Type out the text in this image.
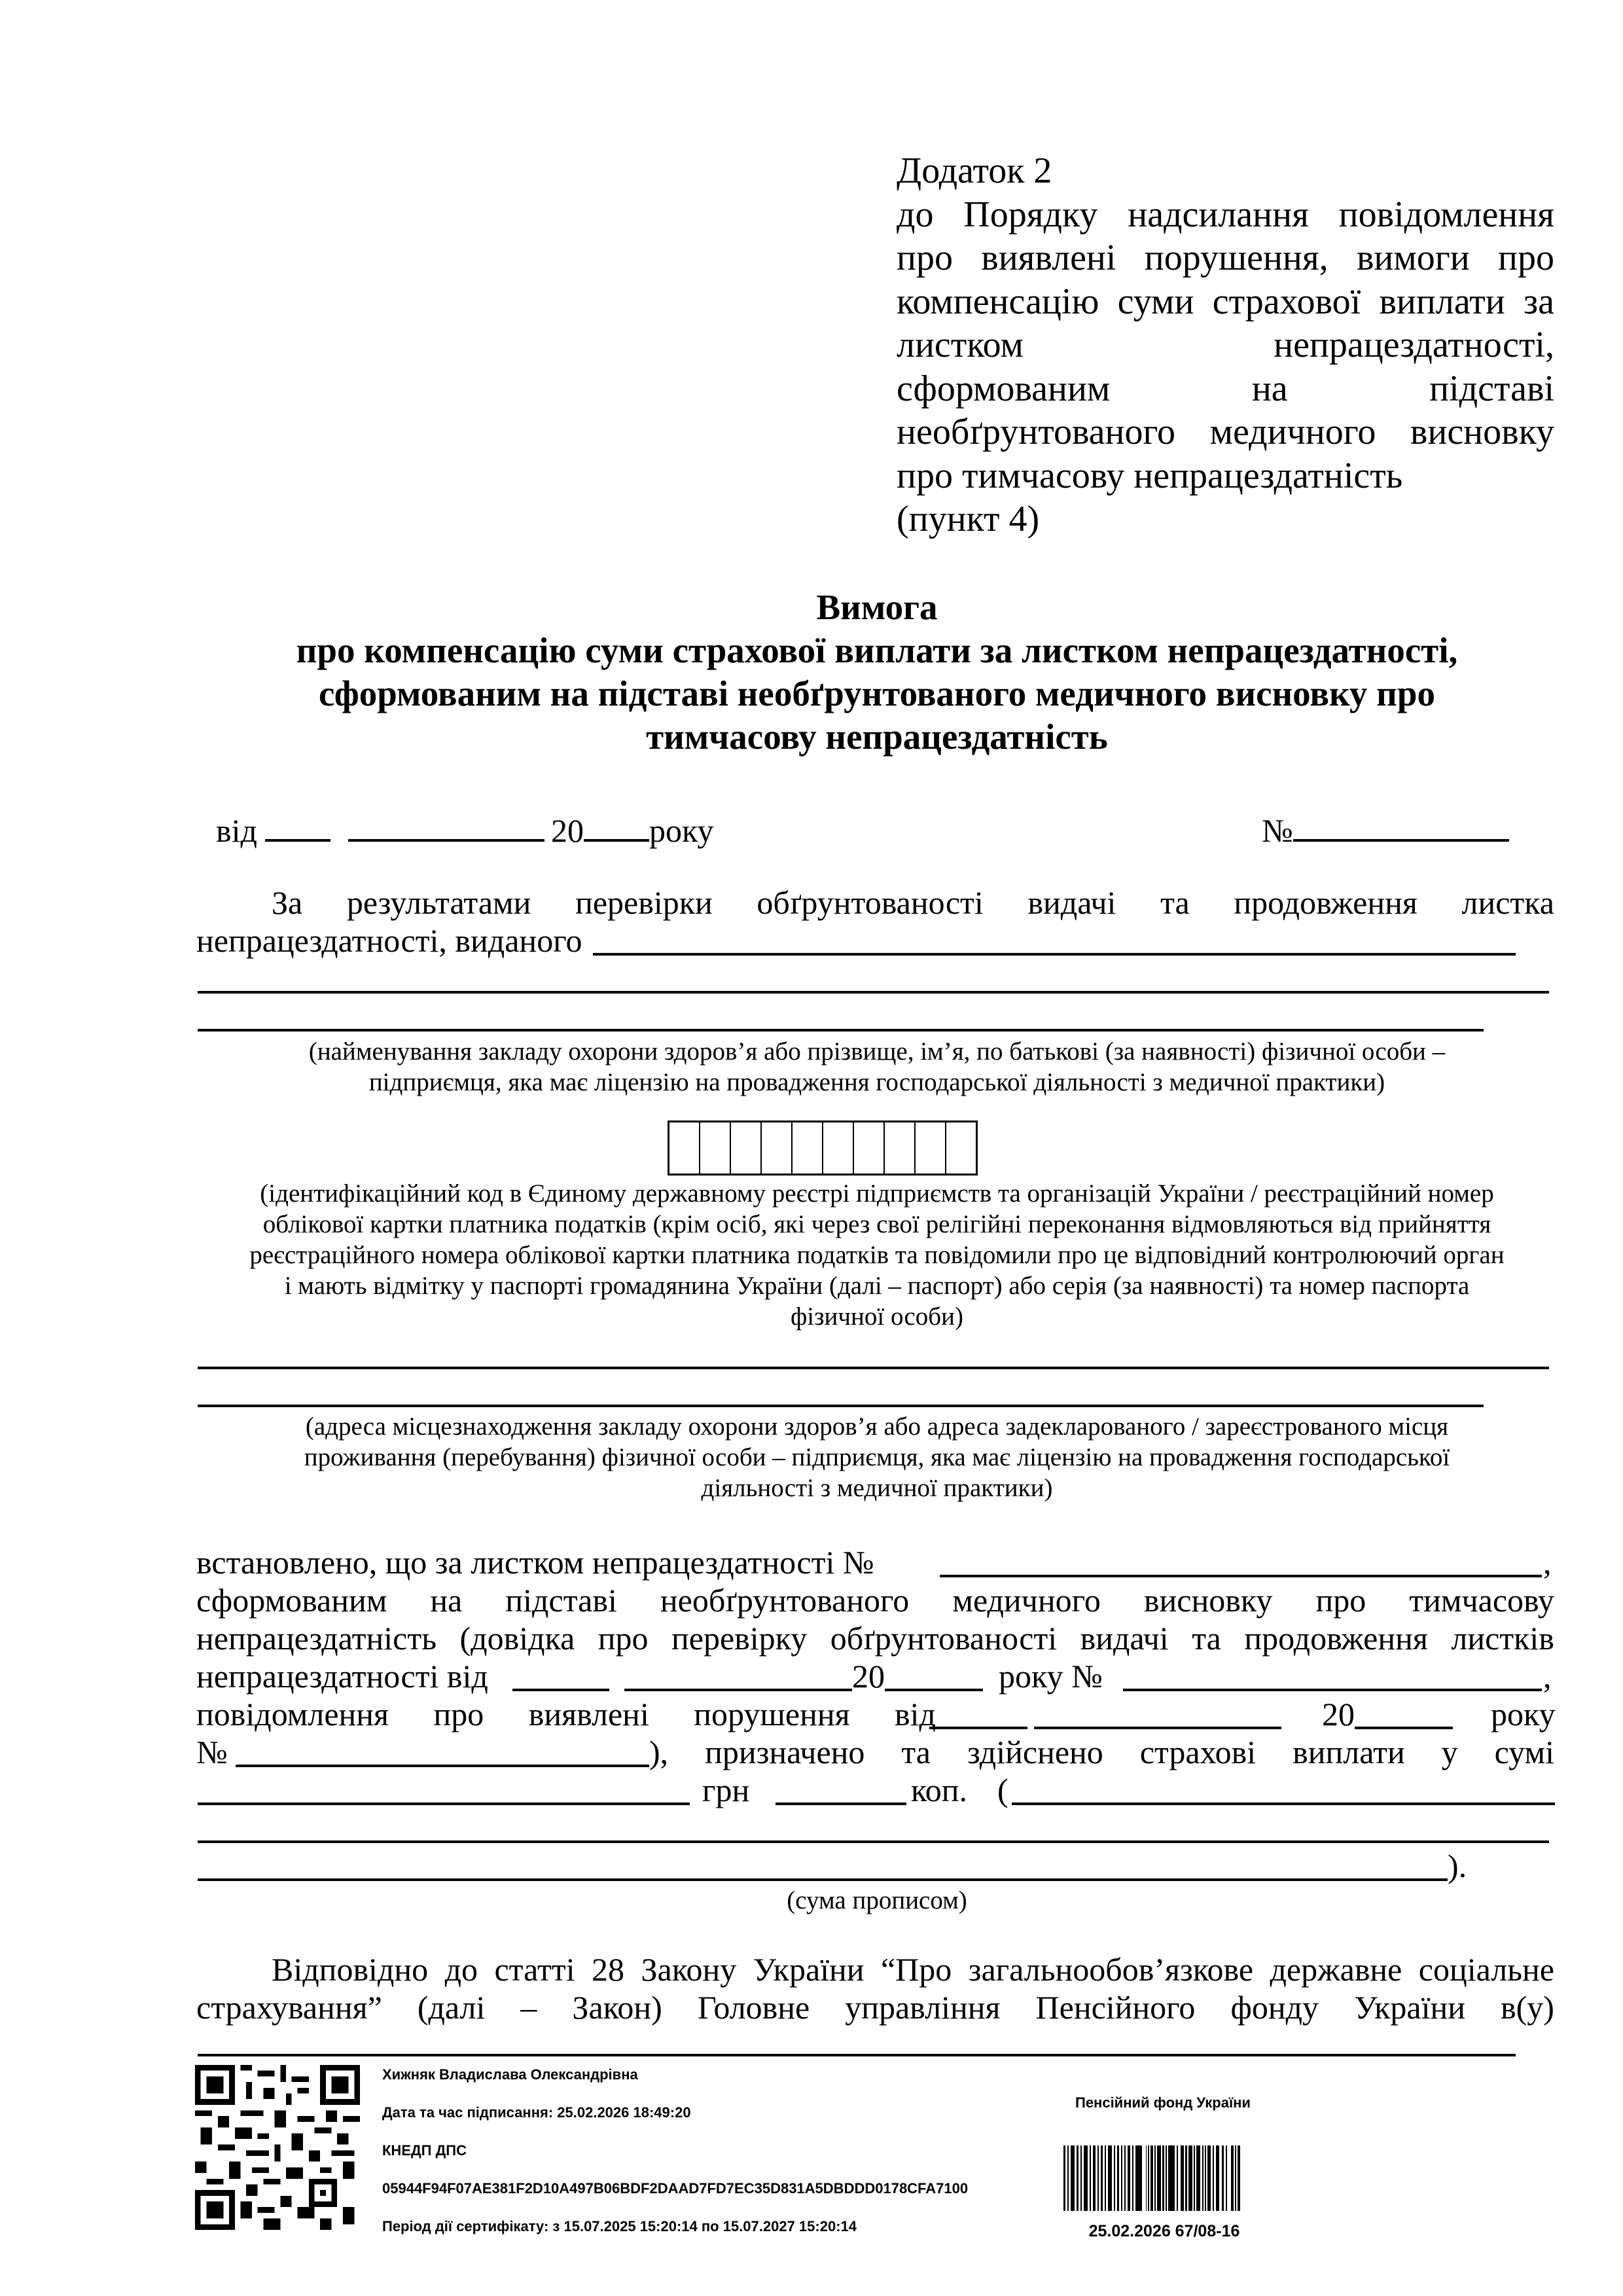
Додаток 2
до Порядку надсилання повідомлення
про виявлені порушення, вимоги про
компенсацію суми страхової виплати за
листком непрацездатності,
сформованим на підставі
необґрунтованого медичного висновку
про тимчасову непрацездатність
(пункт 4)
Вимога
про компенсацію суми страхової виплати за листком непрацездатності,
сформованим на підставі необґрунтованого медичного висновку про
тимчасову непрацездатність
від	20 року	№
За результатами перевірки обґрунтованості видачі та продовження листка
непрацездатності, виданого
(найменування закладу охорони здоров’я або прізвище, ім’я, по батькові (за наявності) фізичної особи –
підприємця, яка має ліцензію на провадження господарської діяльності з медичної практики)
(ідентифікаційний код в Єдиному державному реєстрі підприємств та організацій України / реєстраційний номер
облікової картки платника податків (крім осіб, які через свої релігійні переконання відмовляються від прийняття
реєстраційного номера облікової картки платника податків та повідомили про це відповідний контролюючий орган
і мають відмітку у паспорті громадянина України (далі – паспорт) або серія (за наявності) та номер паспорта
фізичної особи)
(адреса місцезнаходження закладу охорони здоров’я або адреса задекларованого / зареєстрованого місця
проживання (перебування) фізичної особи – підприємця, яка має ліцензію на провадження господарської
діяльності з медичної практики)
встановлено, що за листком непрацездатності №	,
сформованим на підставі необґрунтованого медичного висновку про тимчасову
непрацездатність (довідка про перевірку обґрунтованості видачі та продовження листків
непрацездатності від	20	року №	,
повідомлення про виявлені порушення від	20	року
№	), призначено та здійснено страхові виплати у сумі
грн	коп. (
).
(сума прописом)
Відповідно до статті 28 Закону України “Про загальнообов’язкове державне соціальне
страхування” (далі – Закон) Головне управління Пенсійного фонду України в(у)
Хижняк Владислава Олександрівна
Дата та час підписання: 25.02.2026 18:49:20
КНЕДП ДПС
05944F94F07AE381F2D10A497B06BDF2DAAD7FD7EC35D831A5DBDDD0178CFA7100
Період дії сертифікату: з 15.07.2025 15:20:14 по 15.07.2027 15:20:14
Пенсійний фонд України
25.02.2026 67/08-16
